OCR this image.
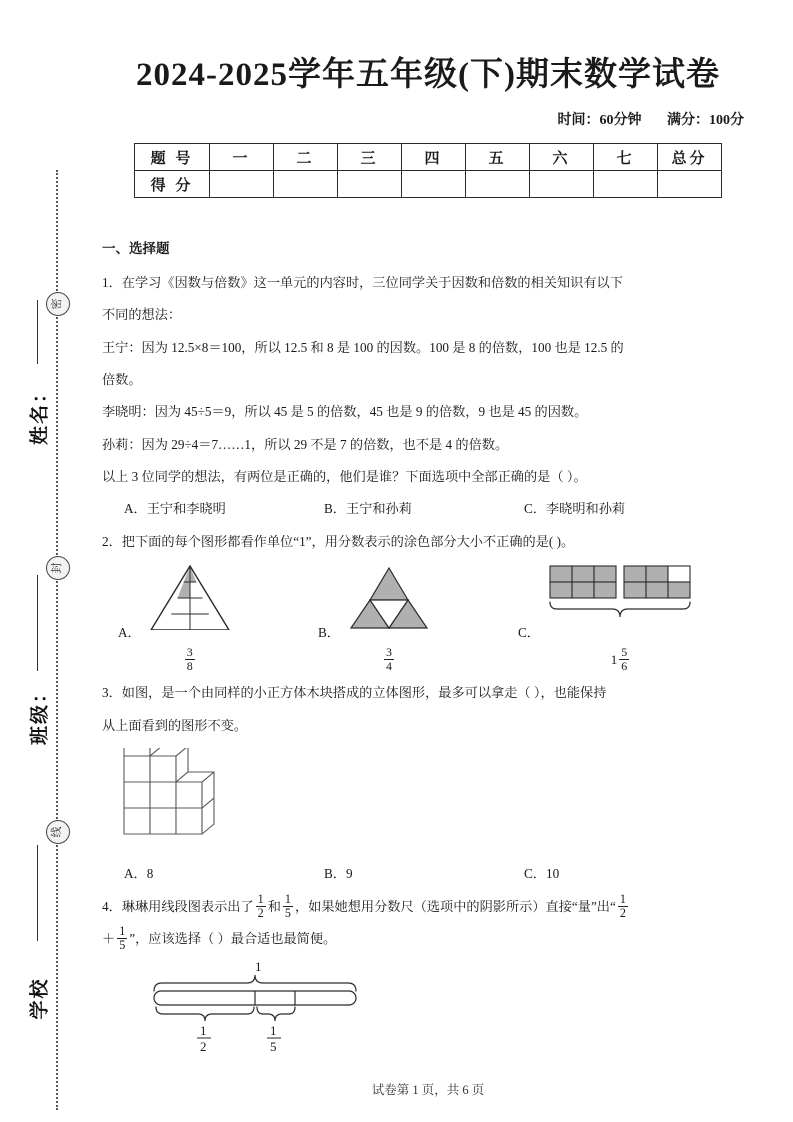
密
封
线
姓名：
班级：
学校
2024-2025学年五年级(下)期末数学试卷
时间：60分钟 满分：100分
题 号	一	二	三	四	五	六	七	总分
得 分								
一、选择题
1．在学习《因数与倍数》这一单元的内容时，三位同学关于因数和倍数的相关知识有以下
不同的想法：
王宁：因为 12.5×8＝100，所以 12.5 和 8 是 100 的因数。100 是 8 的倍数，100 也是 12.5 的
倍数。
李晓明：因为 45÷5＝9，所以 45 是 5 的倍数，45 也是 9 的倍数，9 也是 45 的因数。
孙莉：因为 29÷4＝7……1，所以 29 不是 7 的倍数，也不是 4 的倍数。
以上 3 位同学的想法，有两位是正确的，他们是谁？下面选项中全部正确的是（ ）。
A．王宁和李晓明	B．王宁和孙莉	C．李晓明和孙莉
2．把下面的每个图形都看作单位“1”，用分数表示的涂色部分大小不正确的是( )。
A．
$\frac{3}{8}$
B．
$\frac{3}{4}$
C．
$1 \frac{5}{6}$
3．如图，是一个由同样的小正方体木块搭成的立体图形，最多可以拿走（ ），也能保持
从上面看到的图形不变。
A．8	B．9	C．10
4．琳琳用线段图表示出了 $\frac{1}{2}$ 和 $\frac{1}{5}$ ，如果她想用分数尺（选项中的阴影所示）直接“量”出“ $\frac{1}{2}$
＋ $\frac{1}{5}$ ”，应该选择（ ）最合适也最简便。
1
1
2
1
5
试卷第 1 页，共 6 页
